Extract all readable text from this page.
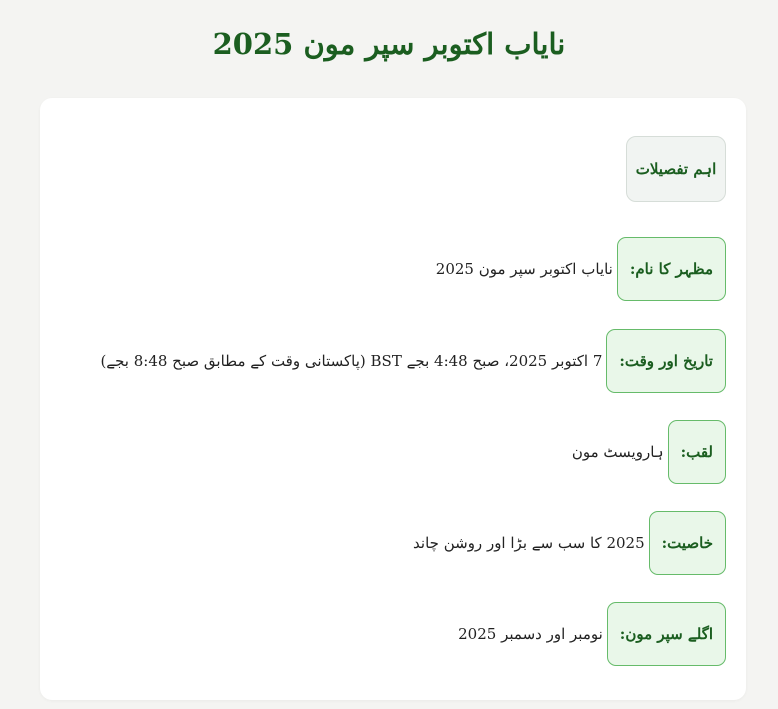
نایاب اکتوبر سپر مون 2025
اہم تفصیلات
مظہر کا نام:
نایاب اکتوبر سپر مون 2025
تاریخ اور وقت:
7 اکتوبر 2025، صبح 4:48 بجے BST (پاکستانی وقت کے مطابق صبح 8:48 بجے)
لقب:
ہارویسٹ مون
خاصیت:
2025 کا سب سے بڑا اور روشن چاند
اگلے سپر مون:
نومبر اور دسمبر 2025
